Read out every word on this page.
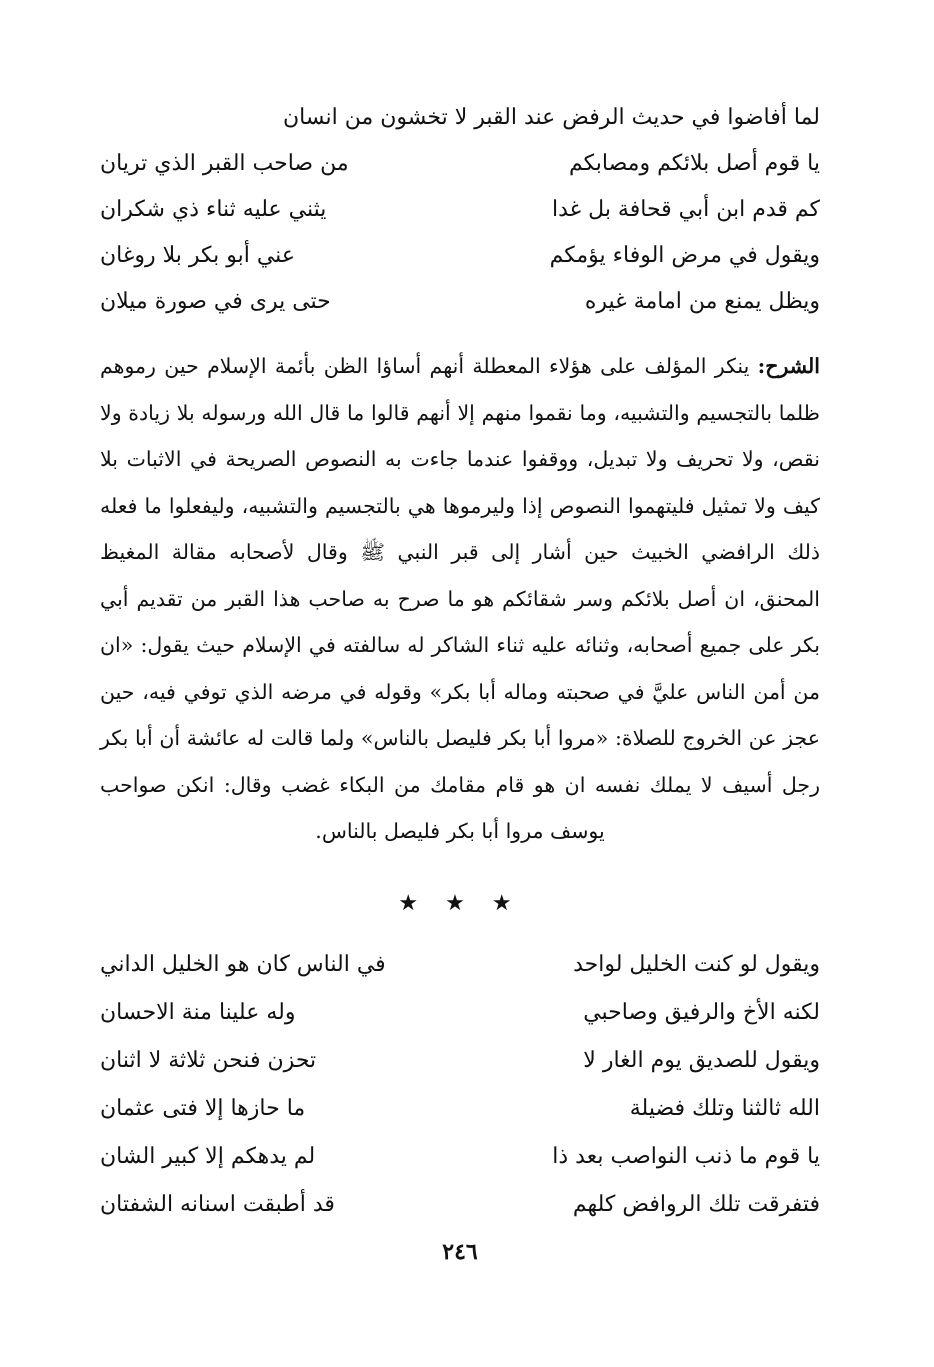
لما أفاضوا في حديث الرفض عند القبر لا تخشون من انسان
يا قوم أصل بلائكم ومصابكم
من صاحب القبر الذي تريان
كم قدم ابن أبي قحافة بل غدا
يثني عليه ثناء ذي شكران
ويقول في مرض الوفاء يؤمكم
عني أبو بكر بلا روغان
ويظل يمنع من امامة غيره
حتى يرى في صورة ميلان

الشرح: ينكر المؤلف على هؤلاء المعطلة أنهم أساؤا الظن بأئمة الإسلام حين رموهم ظلما بالتجسيم والتشبيه، وما نقموا منهم إلا أنهم قالوا ما قال الله ورسوله بلا زيادة ولا نقص، ولا تحريف ولا تبديل، ووقفوا عندما جاءت به النصوص الصريحة في الاثبات بلا كيف ولا تمثيل فليتهموا النصوص إذا وليرموها هي بالتجسيم والتشبيه، وليفعلوا ما فعله ذلك الرافضي الخبيث حين أشار إلى قبر النبي ﷺ وقال لأصحابه مقالة المغيظ المحنق، ان أصل بلائكم وسر شقائكم هو ما صرح به صاحب هذا القبر من تقديم أبي بكر على جميع أصحابه، وثنائه عليه ثناء الشاكر له سالفته في الإسلام حيث يقول: «ان من أمن الناس عليَّ في صحبته وماله أبا بكر» وقوله في مرضه الذي توفي فيه، حين عجز عن الخروج للصلاة: «مروا أبا بكر فليصل بالناس» ولما قالت له عائشة أن أبا بكر رجل أسيف لا يملك نفسه ان هو قام مقامك من البكاء غضب وقال: انكن صواحب يوسف مروا أبا بكر فليصل بالناس.

★ ★ ★
ويقول لو كنت الخليل لواحد
في الناس كان هو الخليل الداني
لكنه الأخ والرفيق وصاحبي
وله علينا منة الاحسان
ويقول للصديق يوم الغار لا
تحزن فنحن ثلاثة لا اثنان
الله ثالثنا وتلك فضيلة
ما حازها إلا فتى عثمان
يا قوم ما ذنب النواصب بعد ذا
لم يدهكم إلا كبير الشان
فتفرقت تلك الروافض كلهم
قد أطبقت اسنانه الشفتان
٢٤٦
